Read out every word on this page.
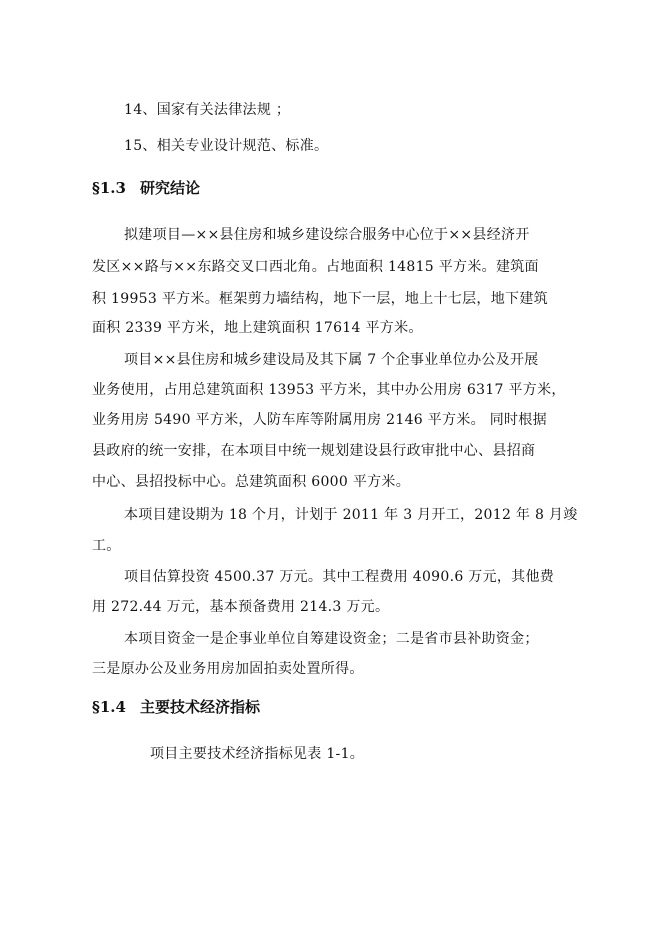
14、国家有关法律法规 ；
15、相关专业设计规范、标准。
§1.3 研究结论
拟建项目—××县住房和城乡建设综合服务中心位于××县经济开
发区××路与××东路交叉口西北角。占地面积 14815 平方米。建筑面
积 19953 平方米。框架剪力墙结构，地下一层，地上十七层，地下建筑
面积 2339 平方米，地上建筑面积 17614 平方米。
项目××县住房和城乡建设局及其下属 7 个企事业单位办公及开展
业务使用，占用总建筑面积 13953 平方米，其中办公用房 6317 平方米，
业务用房 5490 平方米，人防车库等附属用房 2146 平方米。 同时根据
县政府的统一安排，在本项目中统一规划建设县行政审批中心、县招商
中心、县招投标中心。总建筑面积 6000 平方米。
本项目建设期为 18 个月，计划于 2011 年 3 月开工，2012 年 8 月竣
工。
项目估算投资 4500.37 万元。其中工程费用 4090.6 万元，其他费
用 272.44 万元，基本预备费用 214.3 万元。
本项目资金一是企事业单位自筹建设资金；二是省市县补助资金；
三是原办公及业务用房加固拍卖处置所得。
§1.4 主要技术经济指标
项目主要技术经济指标见表 1-1。
